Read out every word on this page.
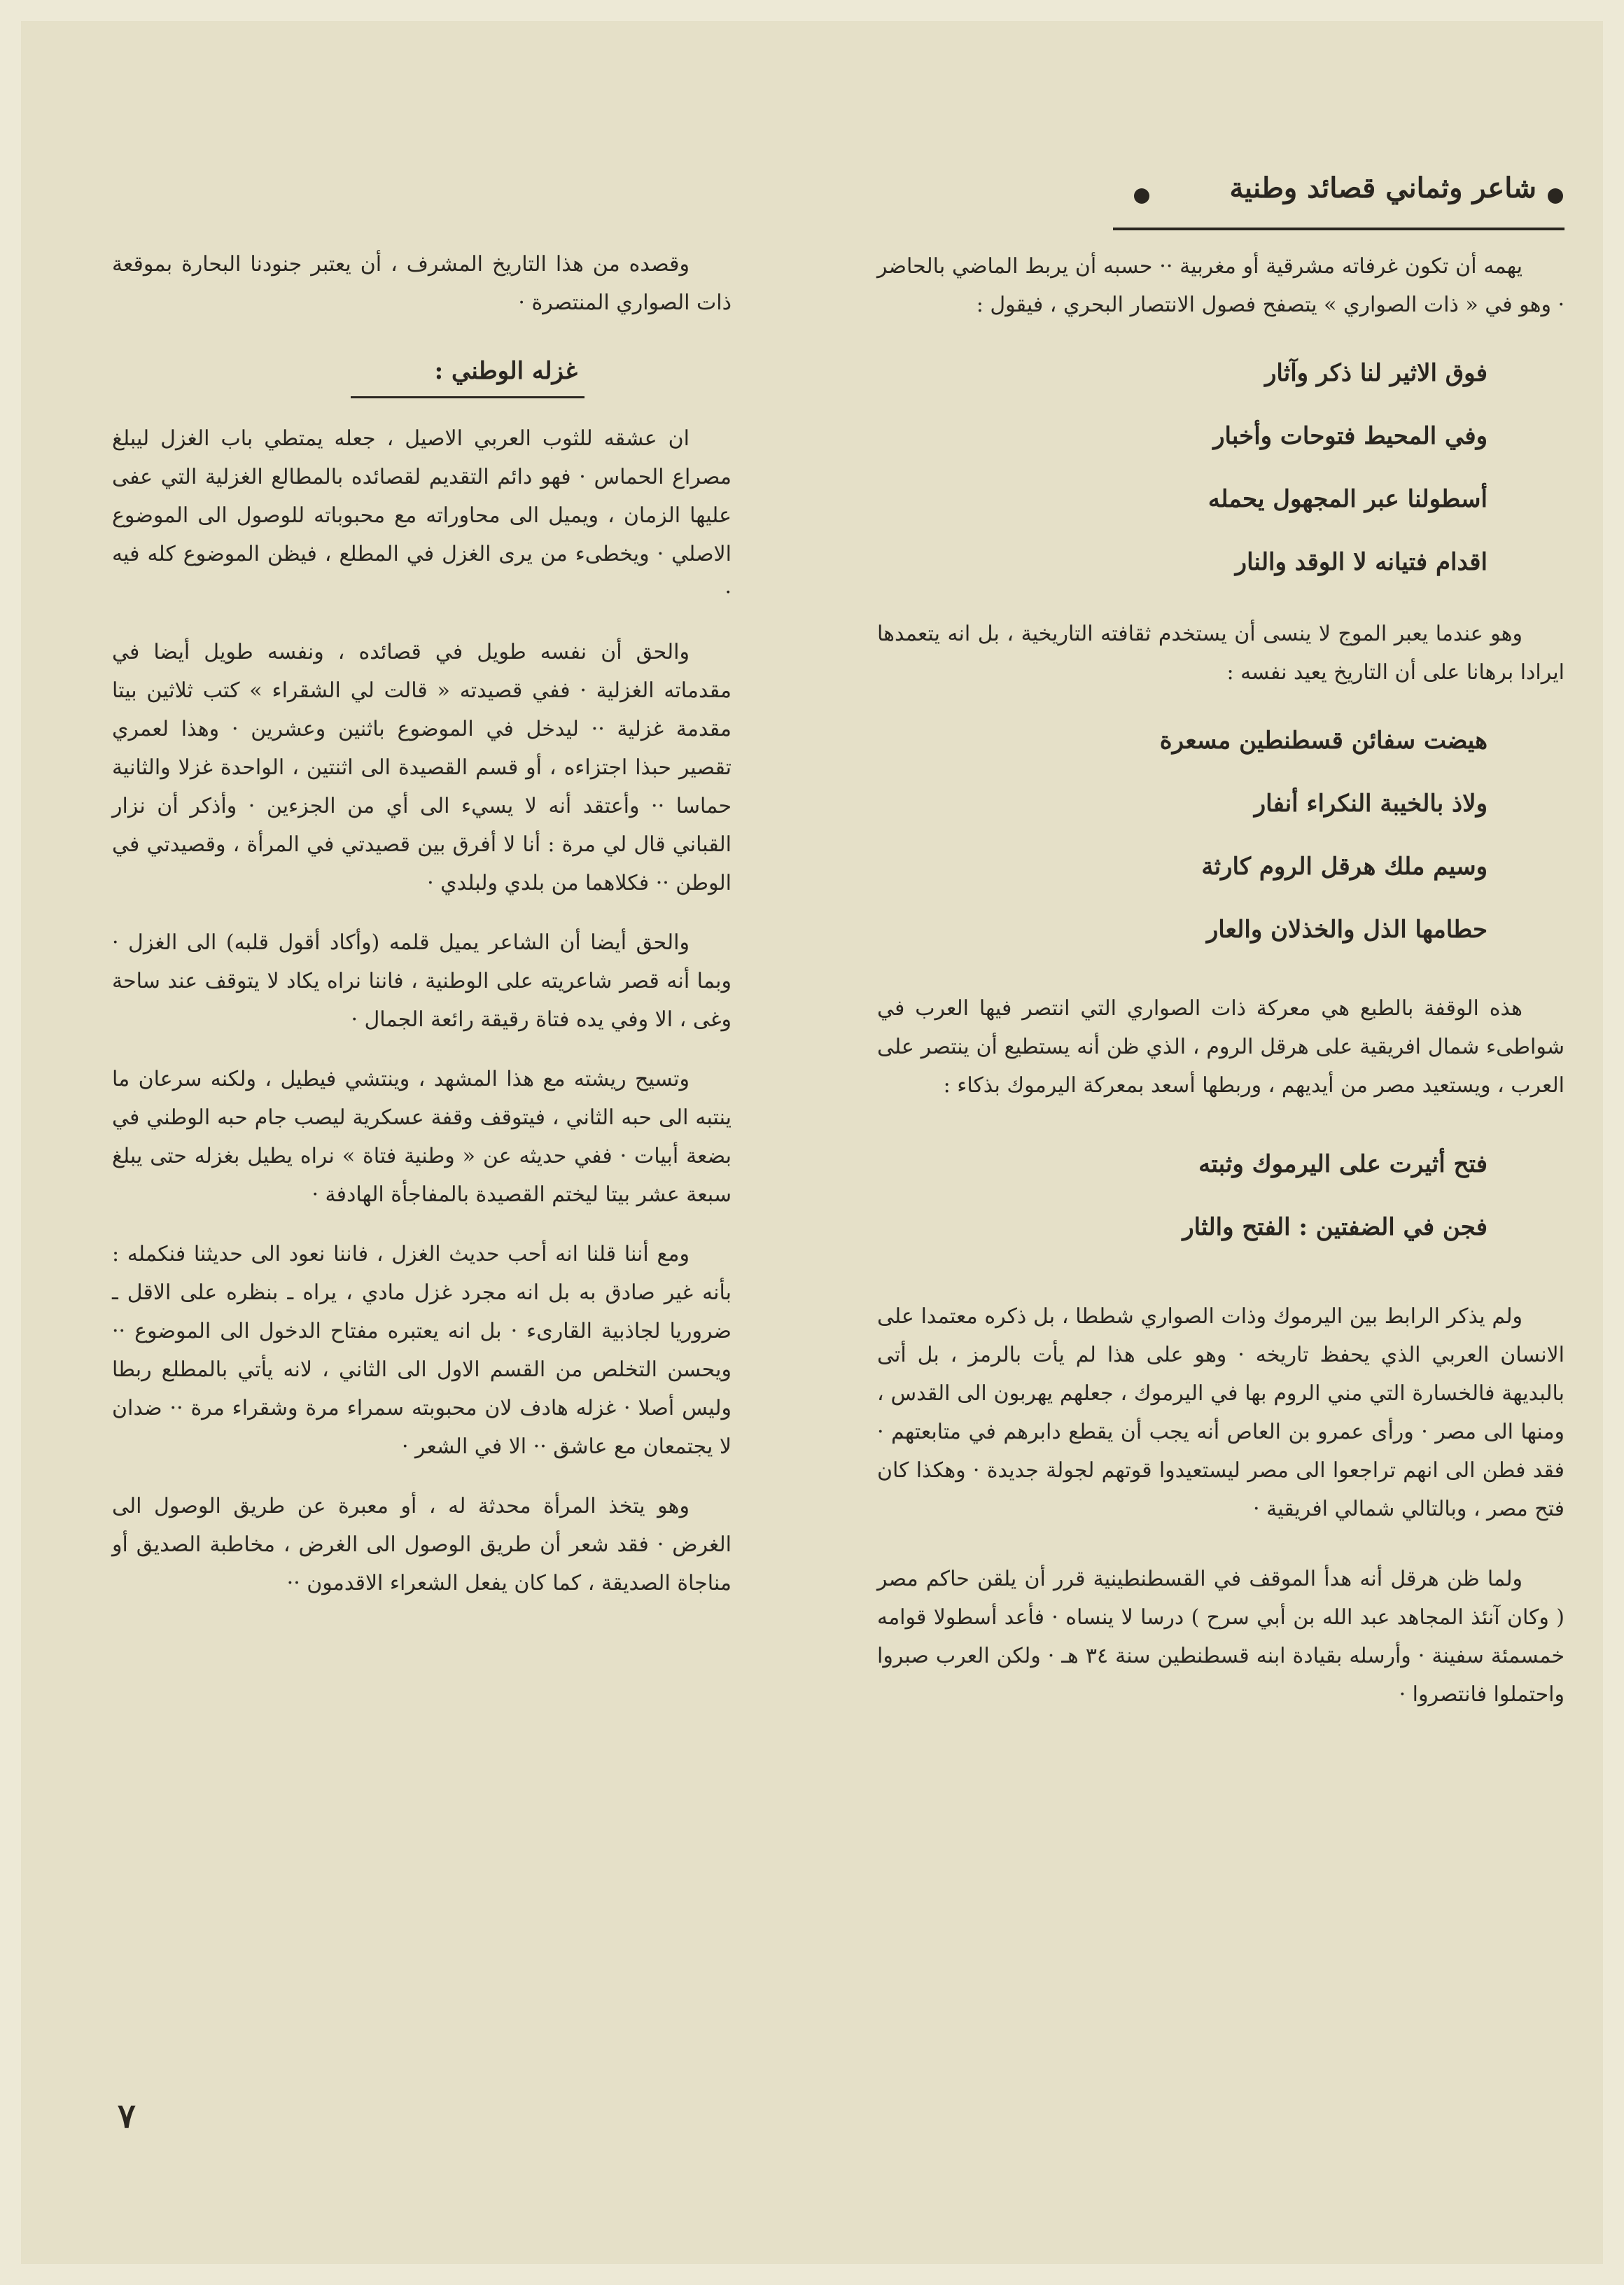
شاعر وثماني قصائد وطنية

يهمه أن تكون غرفاته مشرقية أو مغربية ·· حسبه أن يربط الماضي بالحاضر · وهو في « ذات الصواري » يتصفح فصول الانتصار البحري ، فيقول :

فوق الاثير لنا ذكر وآثار
وفي المحيط فتوحات وأخبار
أسطولنا عبر المجهول يحمله
اقدام فتيانه لا الوقد والنار

وهو عندما يعبر الموج لا ينسى أن يستخدم ثقافته التاريخية ، بل انه يتعمدها ايرادا برهانا على أن التاريخ يعيد نفسه :

هيضت سفائن قسطنطين مسعرة
ولاذ بالخيبة النكراء أنفار
وسيم ملك هرقل الروم كارثة
حطامها الذل والخذلان والعار

هذه الوقفة بالطبع هي معركة ذات الصواري التي انتصر فيها العرب في شواطىء شمال افريقية على هرقل الروم ، الذي ظن أنه يستطيع أن ينتصر على العرب ، ويستعيد مصر من أيديهم ، وربطها أسعد بمعركة اليرموك بذكاء :

فتح أثيرت على اليرموك وثبته
فجن في الضفتين : الفتح والثار

ولم يذكر الرابط بين اليرموك وذات الصواري شططا ، بل ذكره معتمدا على الانسان العربي الذي يحفظ تاريخه · وهو على هذا لم يأت بالرمز ، بل أتى بالبديهة فالخسارة التي مني الروم بها في اليرموك ، جعلهم يهربون الى القدس ، ومنها الى مصر · ورأى عمرو بن العاص أنه يجب أن يقطع دابرهم في متابعتهم · فقد فطن الى انهم تراجعوا الى مصر ليستعيدوا قوتهم لجولة جديدة · وهكذا كان فتح مصر ، وبالتالي شمالي افريقية ·

ولما ظن هرقل أنه هدأ الموقف في القسطنطينية قرر أن يلقن حاكم مصر ( وكان آنئذ المجاهد عبد الله بن أبي سرح ) درسا لا ينساه · فأعد أسطولا قوامه خمسمئة سفينة · وأرسله بقيادة ابنه قسطنطين سنة ٣٤ هـ · ولكن العرب صبروا واحتملوا فانتصروا ·

وقصده من هذا التاريخ المشرف ، أن يعتبر جنودنا البحارة بموقعة ذات الصواري المنتصرة ·

غزله الوطني :

ان عشقه للثوب العربي الاصيل ، جعله يمتطي باب الغزل ليبلغ مصراع الحماس · فهو دائم التقديم لقصائده بالمطالع الغزلية التي عفى عليها الزمان ، ويميل الى محاوراته مع محبوباته للوصول الى الموضوع الاصلي · ويخطىء من يرى الغزل في المطلع ، فيظن الموضوع كله فيه ·

والحق أن نفسه طويل في قصائده ، ونفسه طويل أيضا في مقدماته الغزلية · ففي قصيدته « قالت لي الشقراء » كتب ثلاثين بيتا مقدمة غزلية ·· ليدخل في الموضوع باثنين وعشرين · وهذا لعمري تقصير حبذا اجتزاءه ، أو قسم القصيدة الى اثنتين ، الواحدة غزلا والثانية حماسا ·· وأعتقد أنه لا يسيء الى أي من الجزءين · وأذكر أن نزار القباني قال لي مرة : أنا لا أفرق بين قصيدتي في المرأة ، وقصيدتي في الوطن ·· فكلاهما من بلدي ولبلدي ·

والحق أيضا أن الشاعر يميل قلمه (وأكاد أقول قلبه) الى الغزل · وبما أنه قصر شاعريته على الوطنية ، فاننا نراه يكاد لا يتوقف عند ساحة وغى ، الا وفي يده فتاة رقيقة رائعة الجمال ·

وتسيح ريشته مع هذا المشهد ، وينتشي فيطيل ، ولكنه سرعان ما ينتبه الى حبه الثاني ، فيتوقف وقفة عسكرية ليصب جام حبه الوطني في بضعة أبيات · ففي حديثه عن « وطنية فتاة » نراه يطيل بغزله حتى يبلغ سبعة عشر بيتا ليختم القصيدة بالمفاجأة الهادفة ·

ومع أننا قلنا انه أحب حديث الغزل ، فاننا نعود الى حديثنا فنكمله : بأنه غير صادق به بل انه مجرد غزل مادي ، يراه ـ بنظره على الاقل ـ ضروريا لجاذبية القارىء · بل انه يعتبره مفتاح الدخول الى الموضوع ·· ويحسن التخلص من القسم الاول الى الثاني ، لانه يأتي بالمطلع ربطا وليس أصلا · غزله هادف لان محبوبته سمراء مرة وشقراء مرة ·· ضدان لا يجتمعان مع عاشق ·· الا في الشعر ·

وهو يتخذ المرأة محدثة له ، أو معبرة عن طريق الوصول الى الغرض · فقد شعر أن طريق الوصول الى الغرض ، مخاطبة الصديق أو مناجاة الصديقة ، كما كان يفعل الشعراء الاقدمون ··

٧
